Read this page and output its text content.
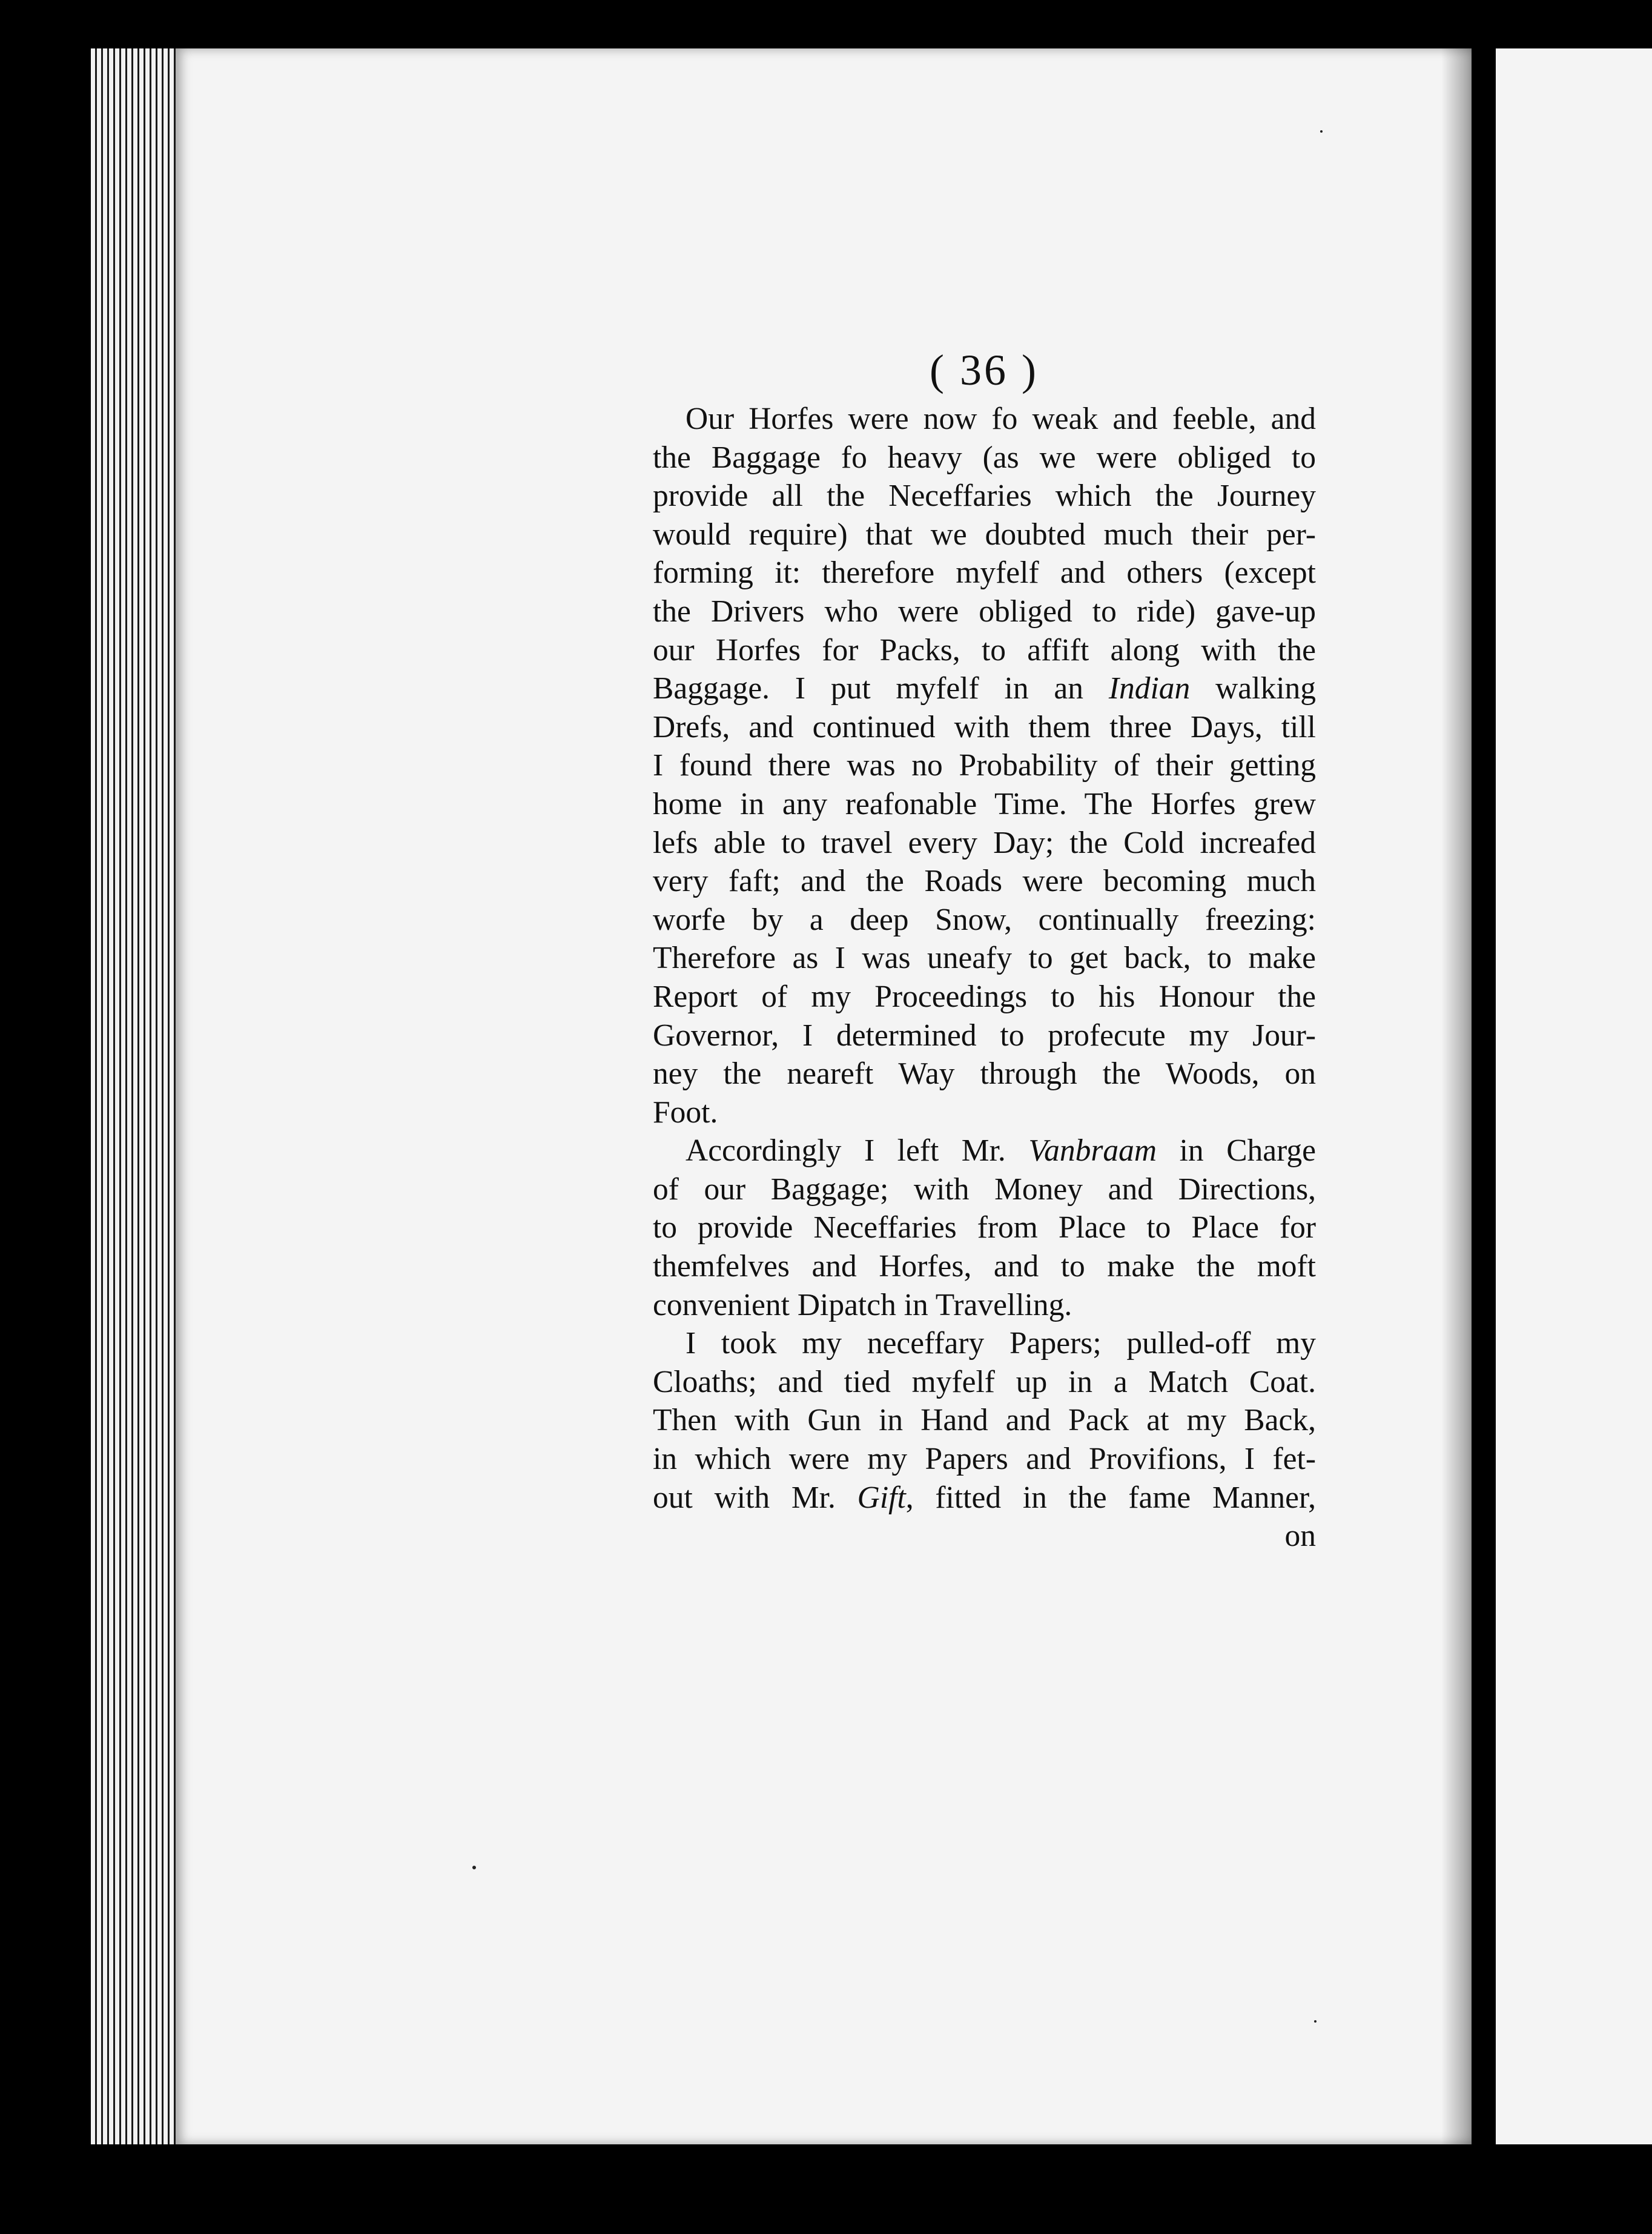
( 36 )
Our Horfes were now fo weak and feeble, and
the Baggage fo heavy (as we were obliged to
provide all the Neceffaries which the Journey
would require) that we doubted much their per-
forming it: therefore myfelf and others (except
the Drivers who were obliged to ride) gave-up
our Horfes for Packs, to affift along with the
Baggage. I put myfelf in an Indian walking
Drefs, and continued with them three Days, till
I found there was no Probability of their getting
home in any reafonable Time. The Horfes grew
lefs able to travel every Day; the Cold increafed
very faft; and the Roads were becoming much
worfe by a deep Snow, continually freezing:
Therefore as I was uneafy to get back, to make
Report of my Proceedings to his Honour the
Governor, I determined to profecute my Jour-
ney the neareft Way through the Woods, on
Foot.
Accordingly I left Mr. Vanbraam in Charge
of our Baggage; with Money and Directions,
to provide Neceffaries from Place to Place for
themfelves and Horfes, and to make the moft
convenient Dipatch in Travelling.
I took my neceffary Papers; pulled-off my
Cloaths; and tied myfelf up in a Match Coat.
Then with Gun in Hand and Pack at my Back,
in which were my Papers and Provifions, I fet-
out with Mr. Gift, fitted in the fame Manner,
on
